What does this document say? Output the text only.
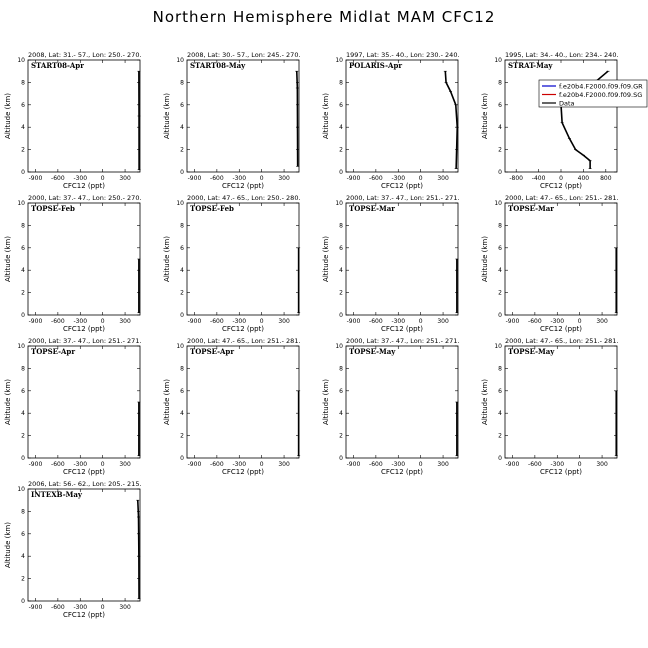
Northern Hemisphere Midlat MAM CFC12
2008, Lat: 31.- 57., Lon: 250.- 270.
-900 -600 -300 0 300
0
2
4
6
8
10
CFC12 (ppt)
Altitude (km)
START08-Apr
2008, Lat: 30.- 57., Lon: 245.- 270.
-900 -600 -300 0 300
0
2
4
6
8
10
CFC12 (ppt)
Altitude (km)
START08-May
1997, Lat: 35.- 40., Lon: 230.- 240.
-900 -600 -300 0 300
0
2
4
6
8
10
CFC12 (ppt)
Altitude (km)
POLARIS-Apr
1995, Lat: 34.- 40., Lon: 234.- 240.
-800 -400 0 400 800
0
2
4
6
8
10
CFC12 (ppt)
Altitude (km)
STRAT-May
f.e20b4.F2000.f09.f09.GR
f.e20b4.F2000.f09.f09.SG
Data
2000, Lat: 37.- 47., Lon: 250.- 270.
-900 -600 -300 0 300
0
2
4
6
8
10
CFC12 (ppt)
Altitude (km)
TOPSE-Feb
2000, Lat: 47.- 65., Lon: 250.- 280.
-900 -600 -300 0 300
0
2
4
6
8
10
CFC12 (ppt)
Altitude (km)
TOPSE-Feb
2000, Lat: 37.- 47., Lon: 251.- 271.
-900 -600 -300 0 300
0
2
4
6
8
10
CFC12 (ppt)
Altitude (km)
TOPSE-Mar
2000, Lat: 47.- 65., Lon: 251.- 281.
-900 -600 -300 0 300
0
2
4
6
8
10
CFC12 (ppt)
Altitude (km)
TOPSE-Mar
2000, Lat: 37.- 47., Lon: 251.- 271.
-900 -600 -300 0 300
0
2
4
6
8
10
CFC12 (ppt)
Altitude (km)
TOPSE-Apr
2000, Lat: 47.- 65., Lon: 251.- 281.
-900 -600 -300 0 300
0
2
4
6
8
10
CFC12 (ppt)
Altitude (km)
TOPSE-Apr
2000, Lat: 37.- 47., Lon: 251.- 271.
-900 -600 -300 0 300
0
2
4
6
8
10
CFC12 (ppt)
Altitude (km)
TOPSE-May
2000, Lat: 47.- 65., Lon: 251.- 281.
-900 -600 -300 0 300
0
2
4
6
8
10
CFC12 (ppt)
Altitude (km)
TOPSE-May
2006, Lat: 56.- 62., Lon: 205.- 215.
-900 -600 -300 0 300
0
2
4
6
8
10
CFC12 (ppt)
Altitude (km)
INTEXB-May
